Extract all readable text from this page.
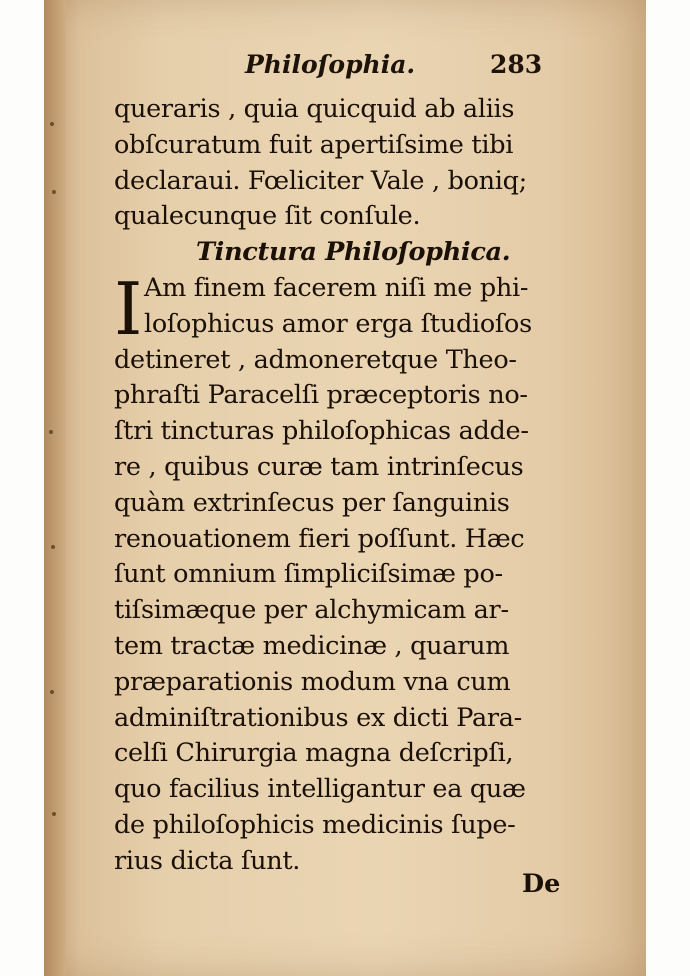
Philoſophia.	283
queraris , quia quicquid ab aliis
obſcuratum fuit apertiſsime tibi
declaraui. Fœliciter Vale , boniq;
qualecunque ſit conſule.
Tinctura Philoſophica.
Am finem facerem niſi me phi-
loſophicus amor erga ſtudioſos
detineret , admoneretque Theo-
phraſti Paracelſi præceptoris no-
ſtri tincturas philoſophicas adde-
re , quibus curæ tam intrinſecus
quàm extrinſecus per ſanguinis
renouationem fieri poſſunt. Hæc
ſunt omnium ſimpliciſsimæ po-
tiſsimæque per alchymicam ar-
tem tractæ medicinæ , quarum
præparationis modum vna cum
adminiſtrationibus ex dicti Para-
celſi Chirurgia magna deſcripſi,
quo facilius intelligantur ea quæ
de philoſophicis medicinis ſupe-
rius dicta ſunt.
I
De
